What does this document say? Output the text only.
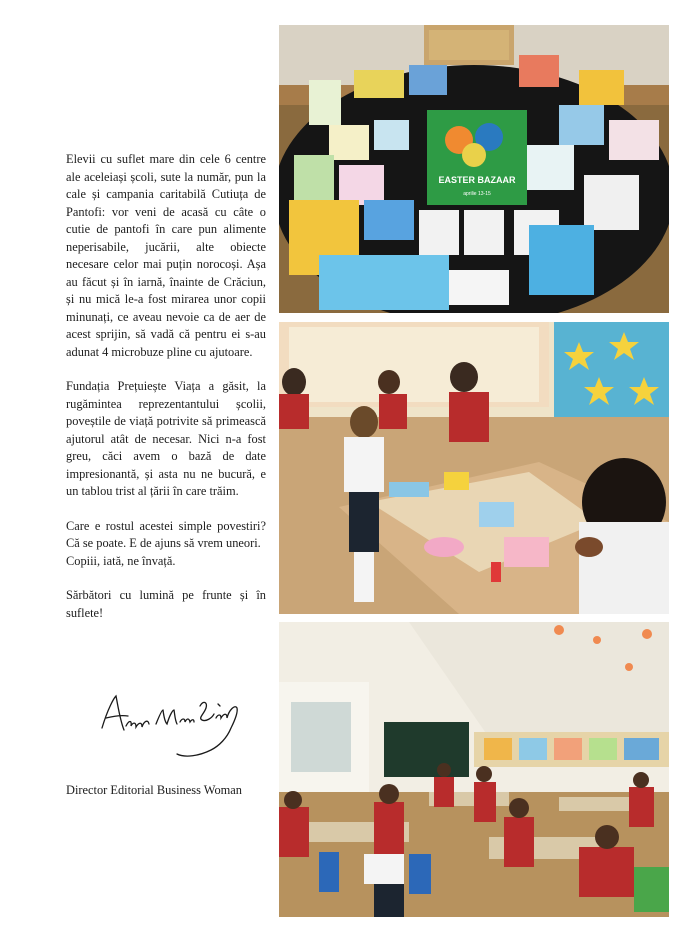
Elevii cu suflet mare din cele 6 centre ale aceleiași școli, sute la număr, pun la cale și campania caritabilă Cutiuța de Pantofi: vor veni de acasă cu câte o cutie de pantofi în care pun alimente neperisabile, jucării, alte obiecte necesare celor mai puțin norocoși. Așa au făcut și în iarnă, înainte de Crăciun, și nu mică le-a fost mirarea unor copii minunați, ce aveau nevoie ca de aer de acest sprijin, să vadă că pentru ei s-au adunat 4 microbuze pline cu ajutoare.

Fundația Prețuiește Viața a găsit, la rugămintea reprezentantului școlii, poveștile de viață potrivite să primească ajutorul atât de necesar. Nici n-a fost greu, căci avem o bază de date impresionantă, și asta nu ne bucură, e un tablou trist al țării în care trăim.

Care e rostul acestei simple povestiri? Că se poate. E de ajuns să vrem uneori.
Copiii, iată, ne învață.

Sărbători cu lumină pe frunte și în suflete!

Director Editorial Business Woman
EASTER BAZAAR
aprilie 13-15
